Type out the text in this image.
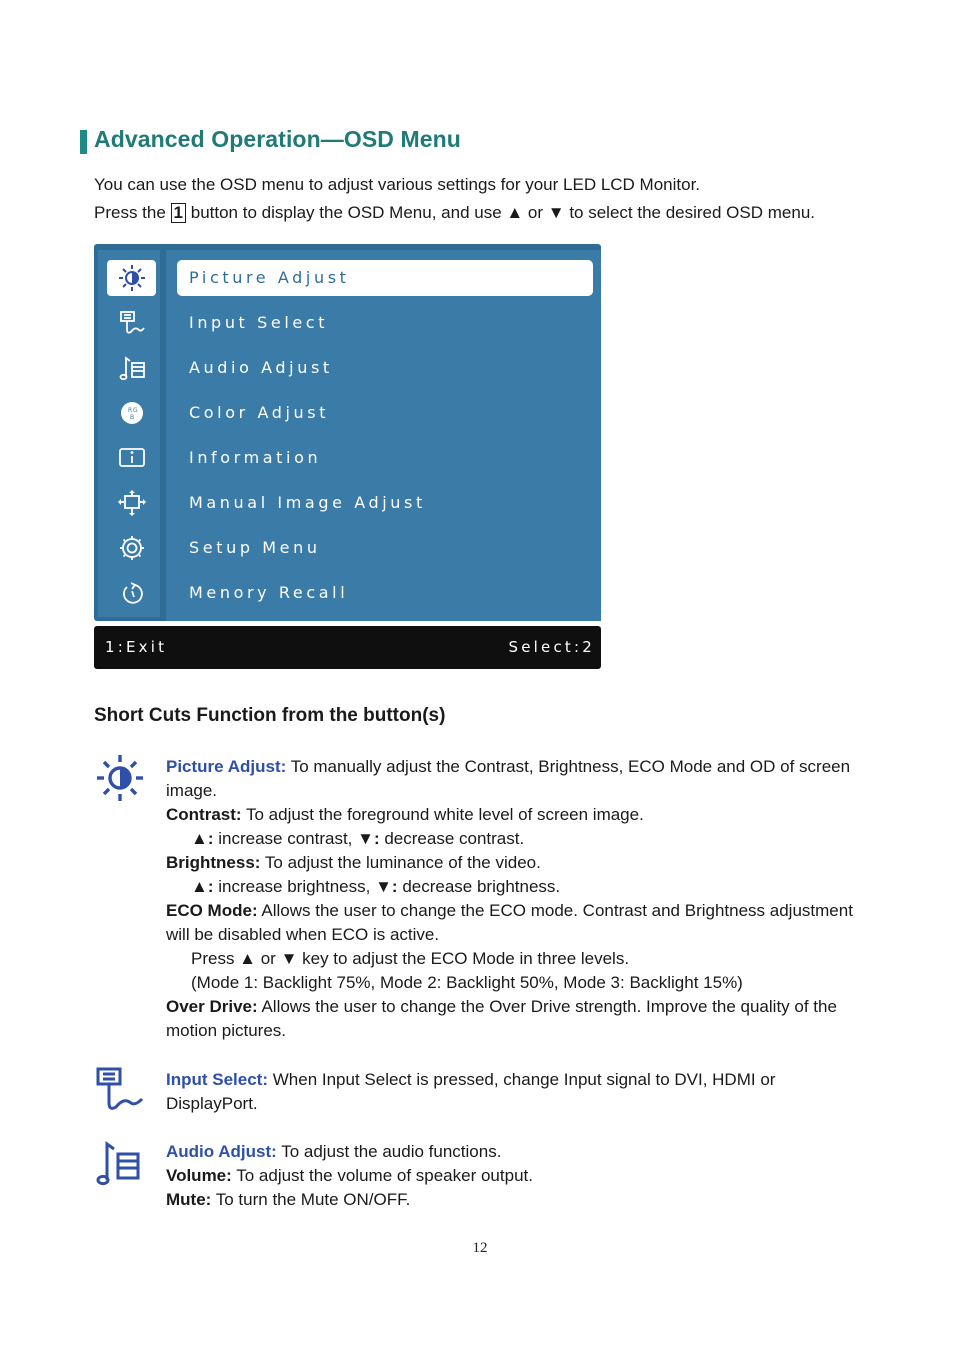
Advanced Operation—OSD Menu
You can use the OSD menu to adjust various settings for your LED LCD Monitor.
Press the 1 button to display the OSD Menu, and use ▲ or ▼ to select the desired OSD menu.
R G
B
Picture Adjust
Input Select
Audio Adjust
Color Adjust
Information
Manual Image Adjust
Setup Menu
Menory Recall
1:Exit	Select:2
Short Cuts Function from the button(s)

Picture Adjust: To manually adjust the Contrast, Brightness, ECO Mode and OD of screen image.

Contrast: To adjust the foreground white level of screen image.

▲: increase contrast, ▼: decrease contrast.

Brightness: To adjust the luminance of the video.

▲: increase brightness, ▼: decrease brightness.

ECO Mode: Allows the user to change the ECO mode. Contrast and Brightness adjustment will be disabled when ECO is active.

Press ▲ or ▼ key to adjust the ECO Mode in three levels.

(Mode 1: Backlight 75%, Mode 2: Backlight 50%, Mode 3: Backlight 15%)

Over Drive: Allows the user to change the Over Drive strength. Improve the quality of the motion pictures.

Input Select: When Input Select is pressed, change Input signal to DVI, HDMI or DisplayPort.

Audio Adjust: To adjust the audio functions.

Volume: To adjust the volume of speaker output.

Mute: To turn the Mute ON/OFF.

12
